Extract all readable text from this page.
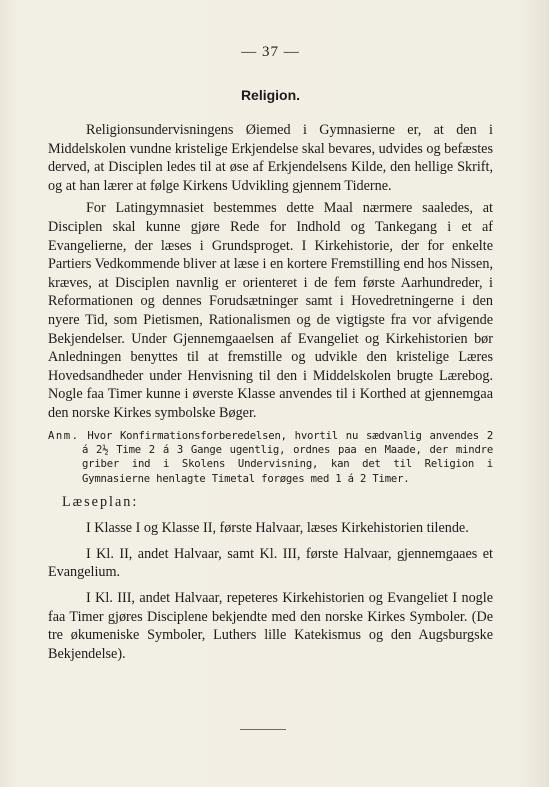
— 37 —
Religion.

Religionsundervisningens Øiemed i Gymnasierne er, at den i Middelskolen vundne kristelige Erkjendelse skal bevares, udvides og befæstes derved, at Disciplen ledes til at øse af Erkjendelsens Kilde, den hellige Skrift, og at han lærer at følge Kirkens Udvikling gjennem Tiderne.

For Latingymnasiet bestemmes dette Maal nærmere saaledes, at Disciplen skal kunne gjøre Rede for Indhold og Tankegang i et af Evangelierne, der læses i Grundsproget. I Kirkehistorie, der for enkelte Partiers Vedkommende bliver at læse i en kortere Fremstilling end hos Nissen, kræves, at Disciplen navnlig er orienteret i de fem første Aarhundreder, i Reformationen og dennes Forudsætninger samt i Hovedretningerne i den nyere Tid, som Pietismen, Rationalismen og de vigtigste fra vor afvigende Bekjendelser. Under Gjennemgaaelsen af Evangeliet og Kirkehistorien bør Anledningen benyttes til at fremstille og udvikle den kristelige Læres Hovedsandheder under Henvisning til den i Middelskolen brugte Lærebog. Nogle faa Timer kunne i øverste Klasse anvendes til i Korthed at gjennemgaa den norske Kirkes symbolske Bøger.

Anm. Hvor Konfirmationsforberedelsen, hvortil nu sædvanlig anvendes 2 á 2½ Time 2 á 3 Gange ugentlig, ordnes paa en Maade, der mindre griber ind i Skolens Undervisning, kan det til Religion i Gymnasierne henlagte Timetal forøges med 1 á 2 Timer.

Læseplan:

I Klasse I og Klasse II, første Halvaar, læses Kirkehistorien tilende.

I Kl. II, andet Halvaar, samt Kl. III, første Halvaar, gjennemgaaes et Evangelium.

I Kl. III, andet Halvaar, repeteres Kirkehistorien og Evangeliet I nogle faa Timer gjøres Disciplene bekjendte med den norske Kirkes Symboler. (De tre økumeniske Symboler, Luthers lille Katekismus og den Augsburgske Bekjendelse).
